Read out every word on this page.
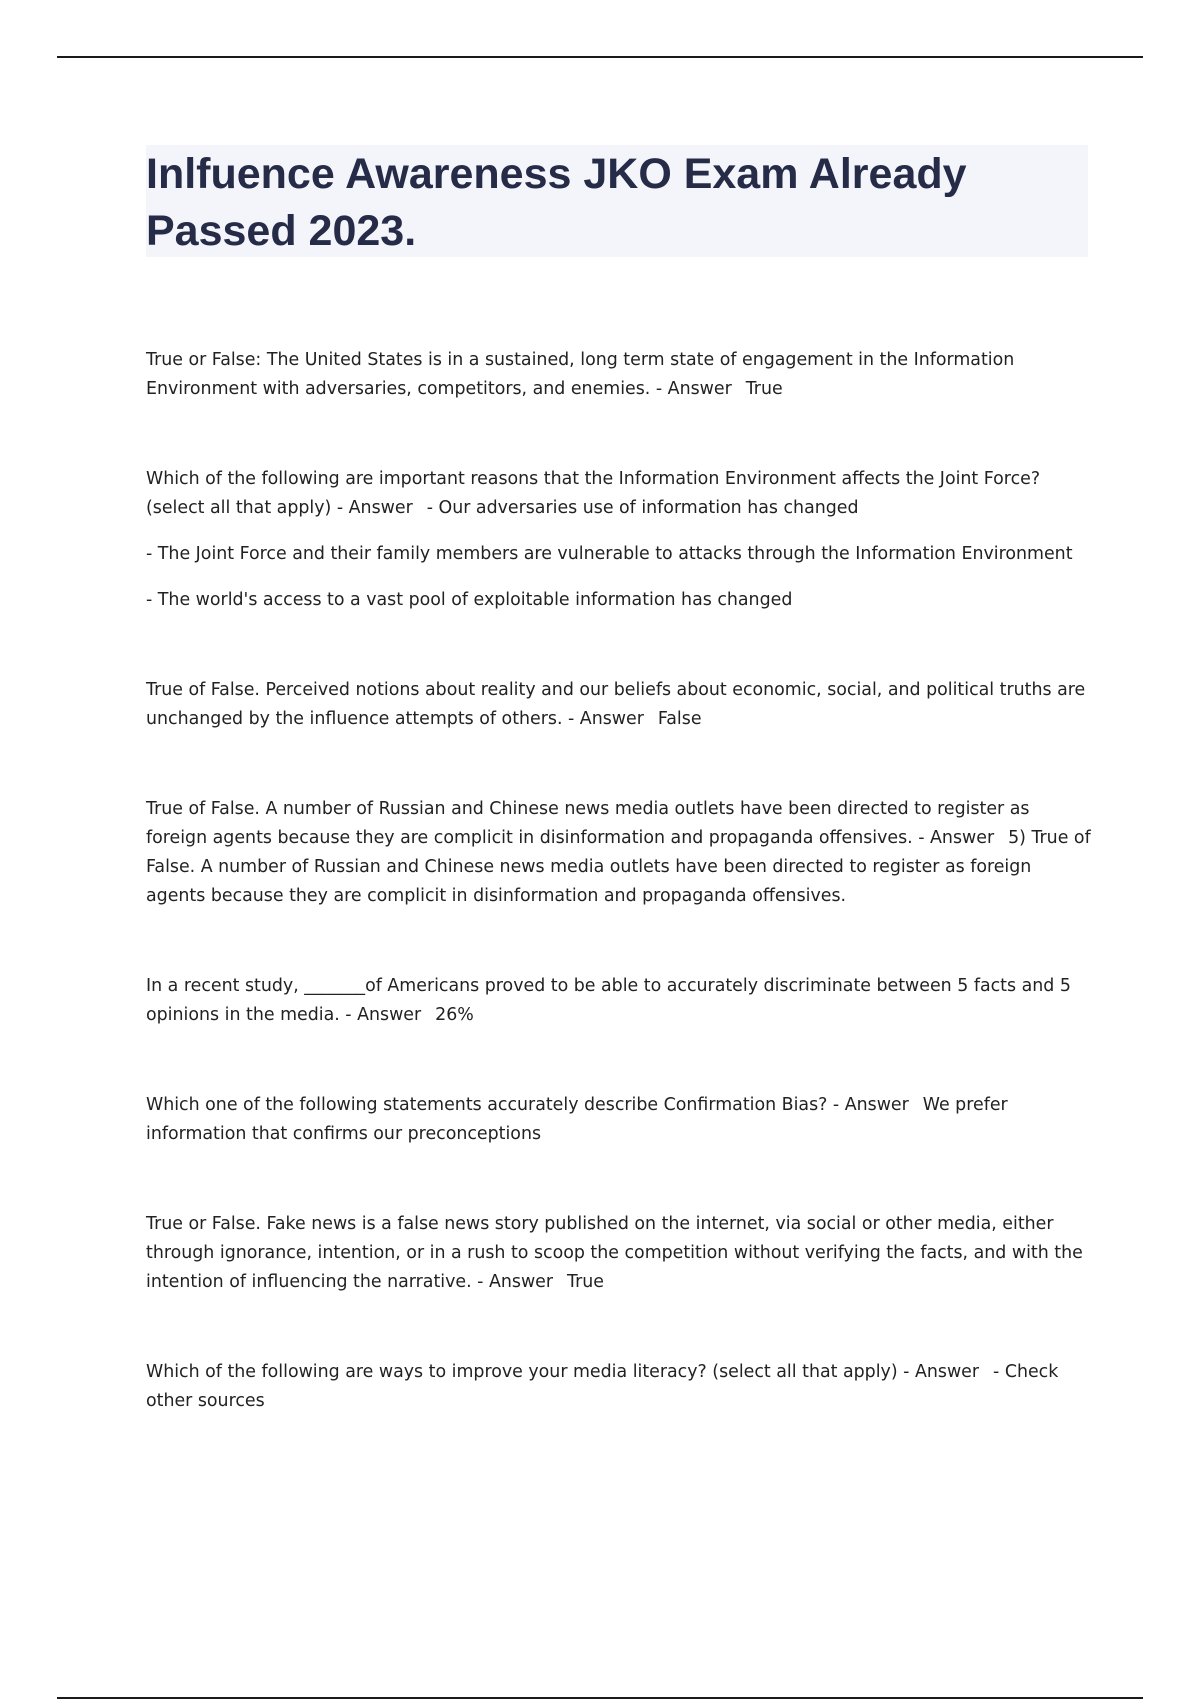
Inlfuence Awareness JKO Exam Already Passed 2023.

True or False: The United States is in a sustained, long term state of engagement in the Information Environment with adversaries, competitors, and enemies. - Answer True

Which of the following are important reasons that the Information Environment affects the Joint Force? (select all that apply) - Answer - Our adversaries use of information has changed

- The Joint Force and their family members are vulnerable to attacks through the Information Environment

- The world's access to a vast pool of exploitable information has changed

True of False. Perceived notions about reality and our beliefs about economic, social, and political truths are unchanged by the influence attempts of others. - Answer False

True of False. A number of Russian and Chinese news media outlets have been directed to register as foreign agents because they are complicit in disinformation and propaganda offensives. - Answer 5) True of False. A number of Russian and Chinese news media outlets have been directed to register as foreign agents because they are complicit in disinformation and propaganda offensives.

In a recent study, _______of Americans proved to be able to accurately discriminate between 5 facts and 5 opinions in the media. - Answer 26%

Which one of the following statements accurately describe Confirmation Bias? - Answer We prefer information that confirms our preconceptions

True or False. Fake news is a false news story published on the internet, via social or other media, either through ignorance, intention, or in a rush to scoop the competition without verifying the facts, and with the intention of influencing the narrative. - Answer True

Which of the following are ways to improve your media literacy? (select all that apply) - Answer - Check other sources
